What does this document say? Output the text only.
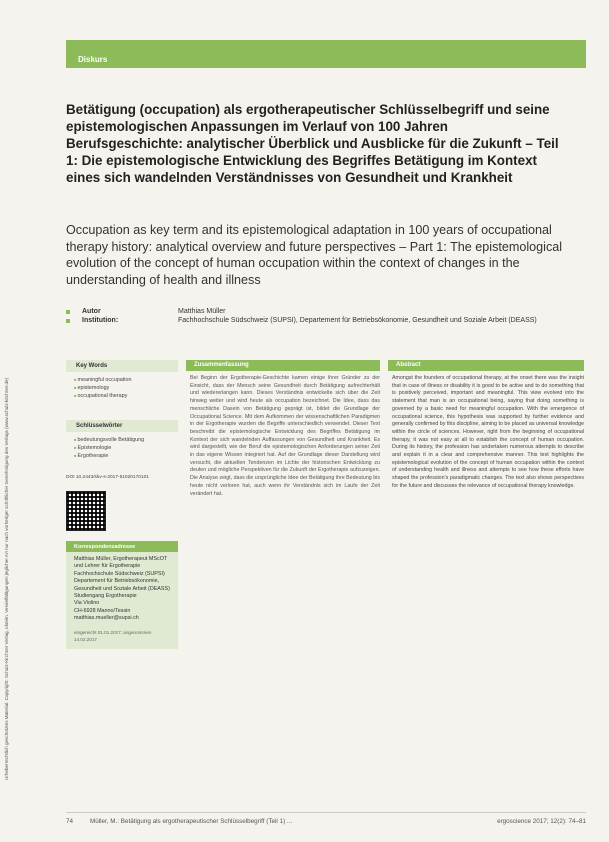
Diskurs
Urheberrechtlich geschütztes Material. Copyright: Schulz-Kirchner Verlag, Idstein. Vervielfältigungen jeglicher Art nur nach vorheriger schriftlicher Genehmigung des Verlags (www.schulz-kirchner.de)
Betätigung (occupation) als ergotherapeutischer Schlüsselbegriff und seine epistemologischen Anpassungen im Verlauf von 100 Jahren Berufsgeschichte: analytischer Überblick und Ausblicke für die Zukunft – Teil 1: Die epistemologische Entwicklung des Begriffes Betätigung im Kontext eines sich wandelnden Verständnisses von Gesundheit und Krankheit
Occupation as key term and its epistemological adaptation in 100 years of occupational therapy history: analytical overview and future perspectives – Part 1: The epistemological evolution of the concept of human occupation within the context of changes in the understanding of health and illness
Autor	Matthias Müller
Institution:	Fachhochschule Südschweiz (SUPSI), Departement für Betriebsökonomie, Gesundheit und Soziale Arbeit (DEASS)
Key Words
■ meaningful occupation
■ epistemology
■ occupational therapy
Schlüsselwörter
■ bedeutungsvolle Betätigung
■ Epistemologie
■ Ergotherapie
DOI 10.2443/skv-s-2017-51020170101
Korrespondenzadresse
Matthias Müller, Ergotherapeut MScOT und Lehrer für Ergotherapie
Fachhochschule Südschweiz (SUPSI)
Departement für Betriebsökonomie, Gesundheit und Soziale Arbeit (DEASS)
Studiengang Ergotherapie
Via Violino
CH-6928 Manno/Tessin
matthias.mueller@supsi.ch
eingereicht 01.01.2017; angenommen 14.02.2017
Zusammenfassung
Bei Beginn der Ergotherapie-Geschichte kamen einige ihrer Gründer zu der Einsicht, dass der Mensch seine Gesundheit durch Betätigung aufrechterhält und wiedererlangen kann. Dieses Verständnis entwickelte sich über die Zeit hinweg weiter und wird heute als occupation bezeichnet. Die Idee, dass das menschliche Dasein von Betätigung geprägt ist, bildet die Grundlage der Occupational Science. Mit dem Aufkommen der wissenschaftlichen Paradigmen in der Ergotherapie wurden die Begriffe unterschiedlich verwendet. Dieser Text beschreibt die epistemologische Entwicklung des Begriffes Betätigung im Kontext der sich wandelnden Auffassungen von Gesundheit und Krankheit. Es wird dargestellt, wie der Beruf die epistemologischen Anforderungen seiner Zeit in das eigene Wissen integriert hat. Auf der Grundlage dieser Darstellung wird versucht, die aktuellen Tendenzen im Lichte der historischen Entwicklung zu deuten und mögliche Perspektiven für die Zukunft der Ergotherapie aufzuzeigen. Die Analyse zeigt, dass die ursprüngliche Idee der Betätigung ihre Bedeutung bis heute nicht verloren hat, auch wenn ihr Verständnis sich im Laufe der Zeit verändert hat.
Abstract
Amongst the founders of occupational therapy, at the onset there was the insight that in case of illness or disability it is good to be active and to do something that is positively perceived, important and meaningful. This view evolved into the statement that man is an occupational being, saying that doing something is governed by a basic need for meaningful occupation. With the emergence of occupational science, this hypothesis was supported by further evidence and generally confirmed by this discipline, aiming to be placed as universal knowledge within the circle of sciences. However, right from the beginning of occupational therapy, it was not easy at all to establish the concept of human occupation. During its history, the profession has undertaken numerous attempts to describe and explain it in a clear and comprehensive manner. This text highlights the epistemological evolution of the concept of human occupation within the context of understanding health and illness and attempts to see how these efforts have shaped the profession's paradigmatic changes. The text also shows perspectives for the future and discusses the relevance of occupational therapy knowledge.
74	Müller, M.: Betätigung als ergotherapeutischer Schlüsselbegriff (Teil 1) ...	ergoscience 2017; 12(2): 74–81
